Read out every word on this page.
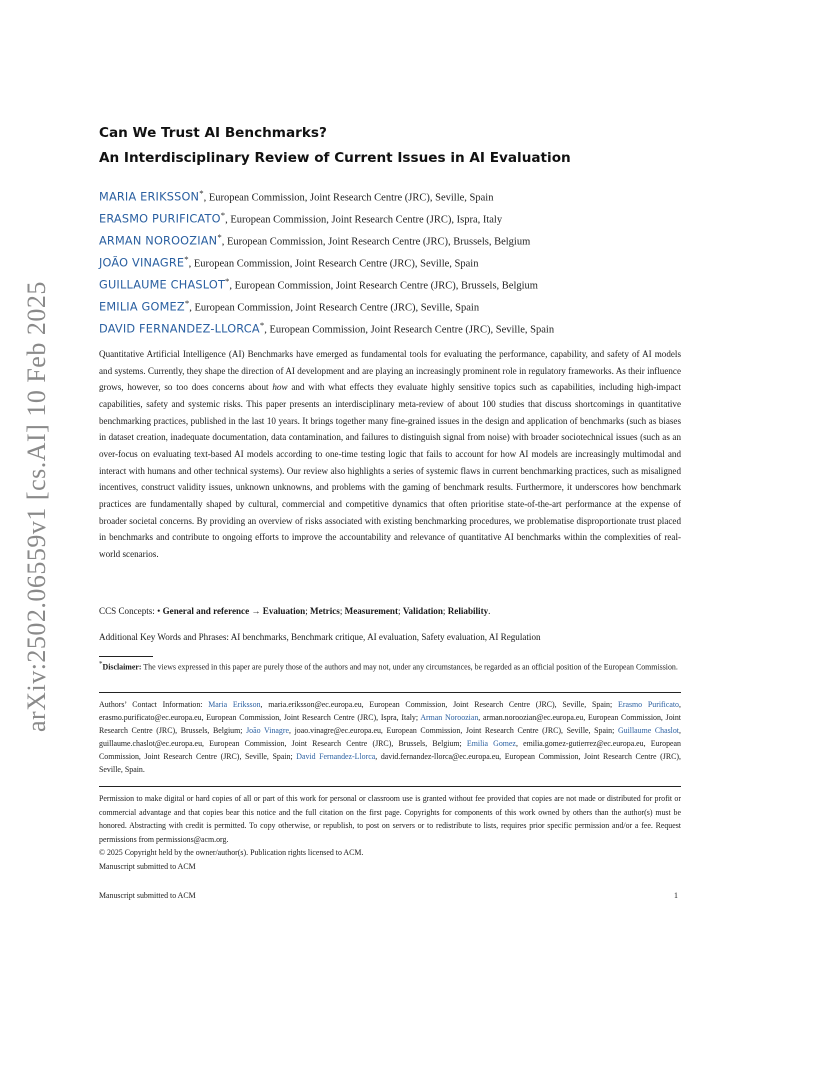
arXiv:2502.06559v1 [cs.AI] 10 Feb 2025
Can We Trust AI Benchmarks?
An Interdisciplinary Review of Current Issues in AI Evaluation
MARIA ERIKSSON*, European Commission, Joint Research Centre (JRC), Seville, Spain
ERASMO PURIFICATO*, European Commission, Joint Research Centre (JRC), Ispra, Italy
ARMAN NOROOZIAN*, European Commission, Joint Research Centre (JRC), Brussels, Belgium
JOÃO VINAGRE*, European Commission, Joint Research Centre (JRC), Seville, Spain
GUILLAUME CHASLOT*, European Commission, Joint Research Centre (JRC), Brussels, Belgium
EMILIA GOMEZ*, European Commission, Joint Research Centre (JRC), Seville, Spain
DAVID FERNANDEZ-LLORCA*, European Commission, Joint Research Centre (JRC), Seville, Spain

Quantitative Artificial Intelligence (AI) Benchmarks have emerged as fundamental tools for evaluating the performance, capability, and safety of AI models and systems. Currently, they shape the direction of AI development and are playing an increasingly prominent role in regulatory frameworks. As their influence grows, however, so too does concerns about how and with what effects they evaluate highly sensitive topics such as capabilities, including high-impact capabilities, safety and systemic risks. This paper presents an interdisciplinary meta-review of about 100 studies that discuss shortcomings in quantitative benchmarking practices, published in the last 10 years. It brings together many fine-grained issues in the design and application of benchmarks (such as biases in dataset creation, inadequate documentation, data contamination, and failures to distinguish signal from noise) with broader sociotechnical issues (such as an over-focus on evaluating text-based AI models according to one-time testing logic that fails to account for how AI models are increasingly multimodal and interact with humans and other technical systems). Our review also highlights a series of systemic flaws in current benchmarking practices, such as misaligned incentives, construct validity issues, unknown unknowns, and problems with the gaming of benchmark results. Furthermore, it underscores how benchmark practices are fundamentally shaped by cultural, commercial and competitive dynamics that often prioritise state-of-the-art performance at the expense of broader societal concerns. By providing an overview of risks associated with existing benchmarking procedures, we problematise disproportionate trust placed in benchmarks and contribute to ongoing efforts to improve the accountability and relevance of quantitative AI benchmarks within the complexities of real-world scenarios.

CCS Concepts: • General and reference → Evaluation; Metrics; Measurement; Validation; Reliability.
Additional Key Words and Phrases: AI benchmarks, Benchmark critique, AI evaluation, Safety evaluation, AI Regulation
*Disclaimer: The views expressed in this paper are purely those of the authors and may not, under any circumstances, be regarded as an official position of the European Commission.
Authors’ Contact Information: Maria Eriksson, maria.eriksson@ec.europa.eu, European Commission, Joint Research Centre (JRC), Seville, Spain; Erasmo Purificato, erasmo.purificato@ec.europa.eu, European Commission, Joint Research Centre (JRC), Ispra, Italy; Arman Noroozian, arman.noroozian@ec.europa.eu, European Commission, Joint Research Centre (JRC), Brussels, Belgium; João Vinagre, joao.vinagre@ec.europa.eu, European Commission, Joint Research Centre (JRC), Seville, Spain; Guillaume Chaslot, guillaume.chaslot@ec.europa.eu, European Commission, Joint Research Centre (JRC), Brussels, Belgium; Emilia Gomez, emilia.gomez-gutierrez@ec.europa.eu, European Commission, Joint Research Centre (JRC), Seville, Spain; David Fernandez-Llorca, david.fernandez-llorca@ec.europa.eu, European Commission, Joint Research Centre (JRC), Seville, Spain.
Permission to make digital or hard copies of all or part of this work for personal or classroom use is granted without fee provided that copies are not made or distributed for profit or commercial advantage and that copies bear this notice and the full citation on the first page. Copyrights for components of this work owned by others than the author(s) must be honored. Abstracting with credit is permitted. To copy otherwise, or republish, to post on servers or to redistribute to lists, requires prior specific permission and/or a fee. Request permissions from permissions@acm.org.
© 2025 Copyright held by the owner/author(s). Publication rights licensed to ACM.
Manuscript submitted to ACM
Manuscript submitted to ACM	1
